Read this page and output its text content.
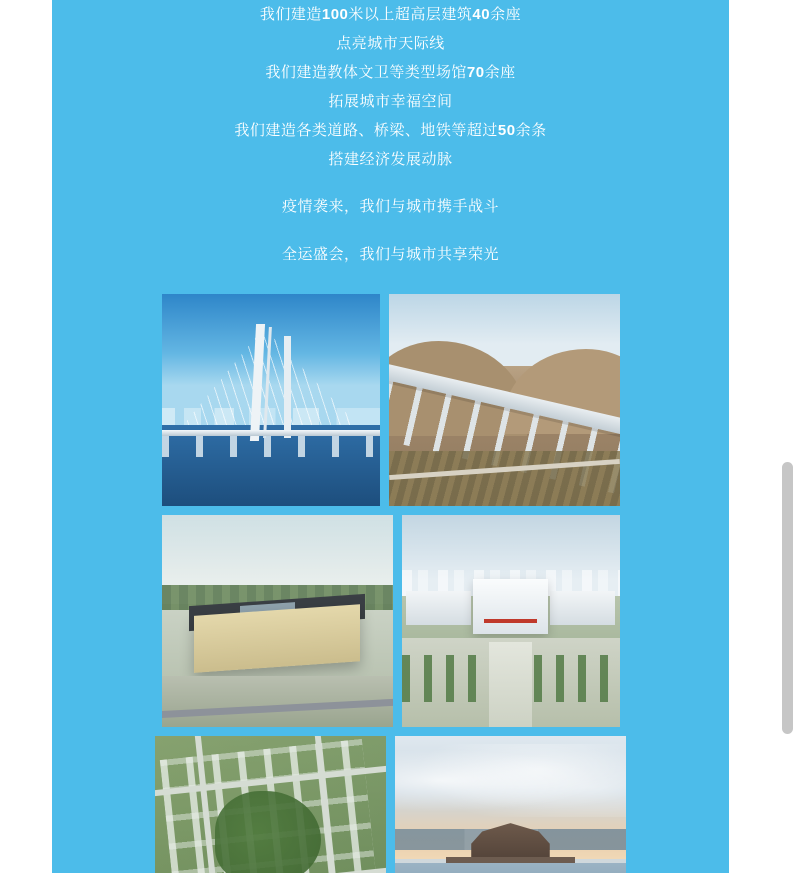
我们建造100米以上超高层建筑40余座
点亮城市天际线
我们建造教体文卫等类型场馆70余座
拓展城市幸福空间
我们建造各类道路、桥梁、地铁等超过50余条
搭建经济发展动脉
疫情袭来，我们与城市携手战斗
全运盛会，我们与城市共享荣光
